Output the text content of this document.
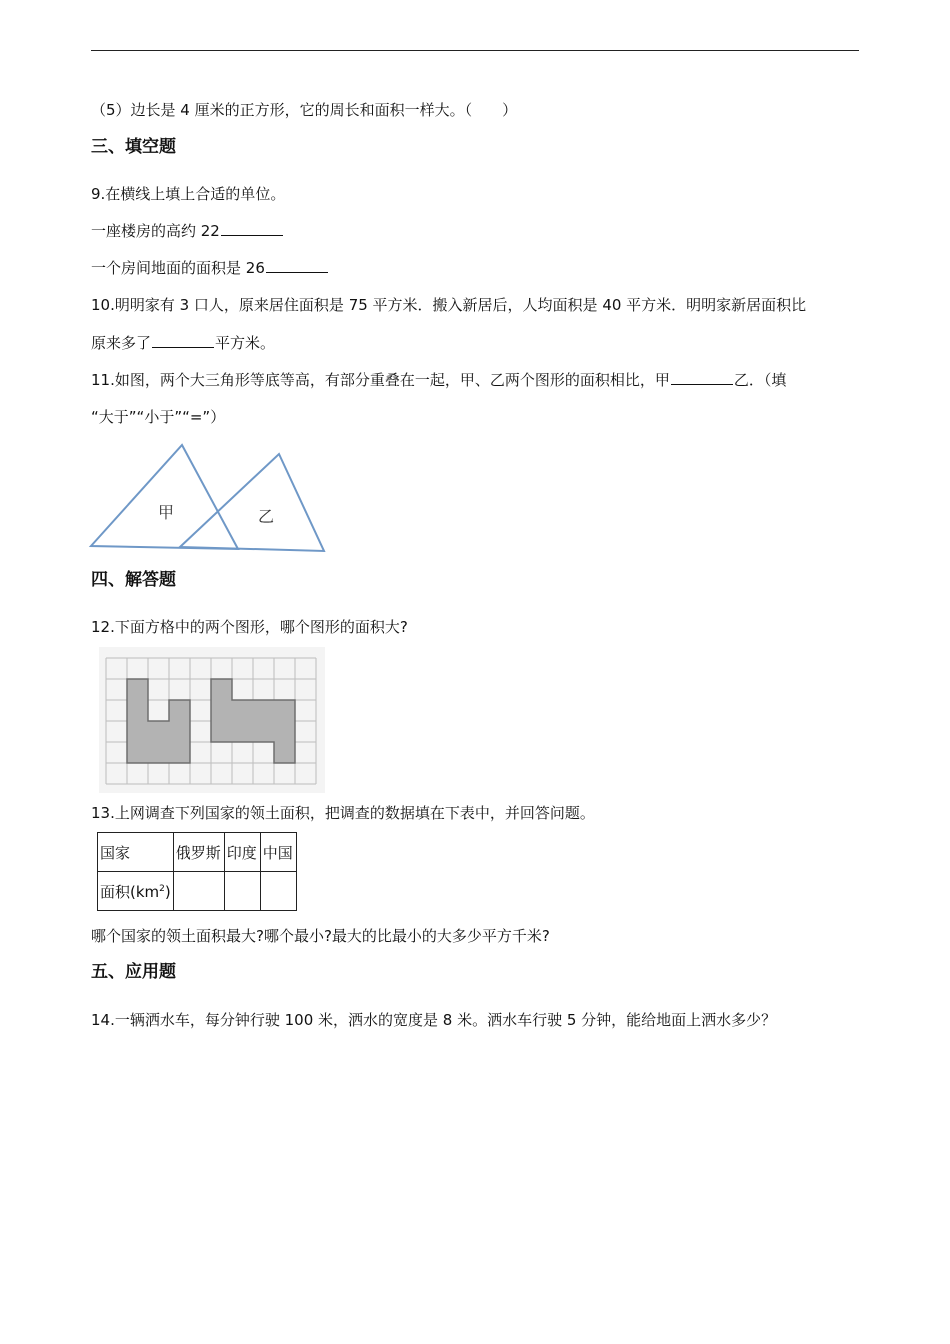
（5）边长是 4 厘米的正方形，它的周长和面积一样大。（　　）
三、填空题
9.在横线上填上合适的单位。
一座楼房的高约 22
一个房间地面的面积是 26
10.明明家有 3 口人，原来居住面积是 75 平方米．搬入新居后，人均面积是 40 平方米．明明家新居面积比
原来多了	平方米。
11.如图，两个大三角形等底等高，有部分重叠在一起，甲、乙两个图形的面积相比，甲	乙．（填
“大于”“小于”“=”）
甲	乙
四、解答题
12.下面方格中的两个图形，哪个图形的面积大?
13.上网调查下列国家的领土面积，把调查的数据填在下表中，并回答问题。
国家	俄罗斯	印度	中国
面积$(km^2)$			
哪个国家的领土面积最大?哪个最小?最大的比最小的大多少平方千米?
五、应用题
14.一辆洒水车，每分钟行驶 100 米，洒水的宽度是 8 米。洒水车行驶 5 分钟，能给地面上洒水多少？
